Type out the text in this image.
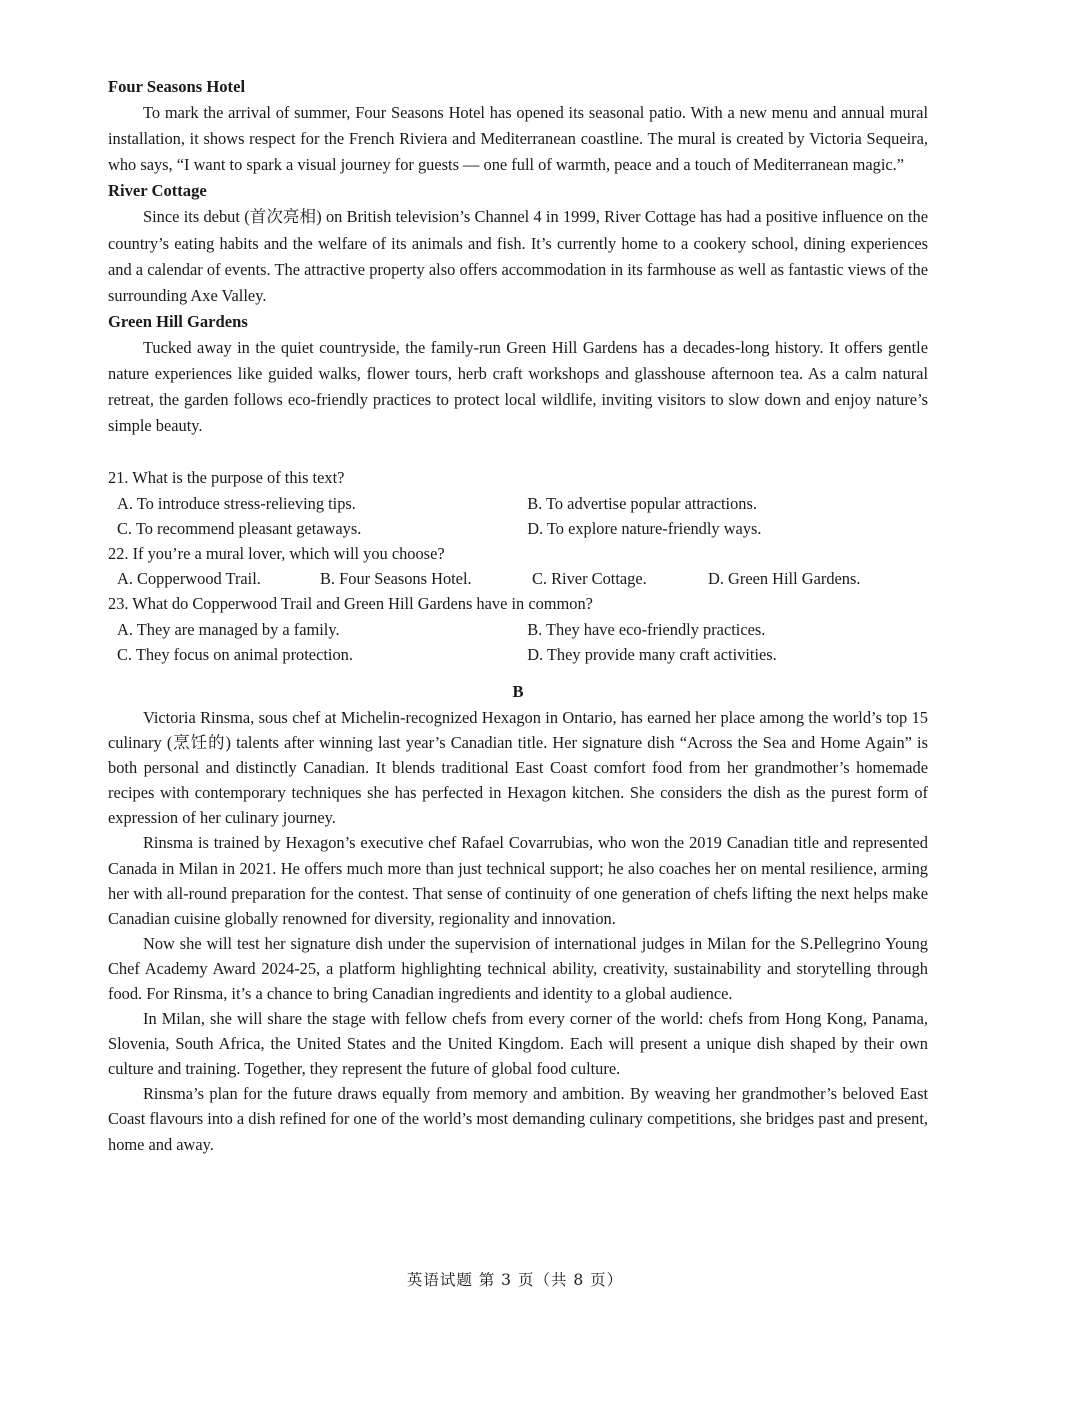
Four Seasons Hotel

To mark the arrival of summer, Four Seasons Hotel has opened its seasonal patio. With a new menu and annual mural installation, it shows respect for the French Riviera and Mediterranean coastline. The mural is created by Victoria Sequeira, who says, “I want to spark a visual journey for guests — one full of warmth, peace and a touch of Mediterranean magic.”

River Cottage

Since its debut (首次亮相) on British television’s Channel 4 in 1999, River Cottage has had a positive influence on the country’s eating habits and the welfare of its animals and fish. It’s currently home to a cookery school, dining experiences and a calendar of events. The attractive property also offers accommodation in its farmhouse as well as fantastic views of the surrounding Axe Valley.

Green Hill Gardens

Tucked away in the quiet countryside, the family-run Green Hill Gardens has a decades-long history. It offers gentle nature experiences like guided walks, flower tours, herb craft workshops and glasshouse afternoon tea. As a calm natural retreat, the garden follows eco-friendly practices to protect local wildlife, inviting visitors to slow down and enjoy nature’s simple beauty.

21. What is the purpose of this text?

A. To introduce stress-relieving tips.	B. To advertise popular attractions.
C. To recommend pleasant getaways.	D. To explore nature-friendly ways.

22. If you’re a mural lover, which will you choose?

A. Copperwood Trail.	B. Four Seasons Hotel.	C. River Cottage.	D. Green Hill Gardens.

23. What do Copperwood Trail and Green Hill Gardens have in common?

A. They are managed by a family.	B. They have eco-friendly practices.
C. They focus on animal protection.	D. They provide many craft activities.
B

Victoria Rinsma, sous chef at Michelin-recognized Hexagon in Ontario, has earned her place among the world’s top 15 culinary (烹饪的) talents after winning last year’s Canadian title. Her signature dish “Across the Sea and Home Again” is both personal and distinctly Canadian. It blends traditional East Coast comfort food from her grandmother’s homemade recipes with contemporary techniques she has perfected in Hexagon kitchen. She considers the dish as the purest form of expression of her culinary journey.

Rinsma is trained by Hexagon’s executive chef Rafael Covarrubias, who won the 2019 Canadian title and represented Canada in Milan in 2021. He offers much more than just technical support; he also coaches her on mental resilience, arming her with all-round preparation for the contest. That sense of continuity of one generation of chefs lifting the next helps make Canadian cuisine globally renowned for diversity, regionality and innovation.

Now she will test her signature dish under the supervision of international judges in Milan for the S.Pellegrino Young Chef Academy Award 2024-25, a platform highlighting technical ability, creativity, sustainability and storytelling through food. For Rinsma, it’s a chance to bring Canadian ingredients and identity to a global audience.

In Milan, she will share the stage with fellow chefs from every corner of the world: chefs from Hong Kong, Panama, Slovenia, South Africa, the United States and the United Kingdom. Each will present a unique dish shaped by their own culture and training. Together, they represent the future of global food culture.

Rinsma’s plan for the future draws equally from memory and ambition. By weaving her grandmother’s beloved East Coast flavours into a dish refined for one of the world’s most demanding culinary competitions, she bridges past and present, home and away.

英语试题 第 3 页（共 8 页）
